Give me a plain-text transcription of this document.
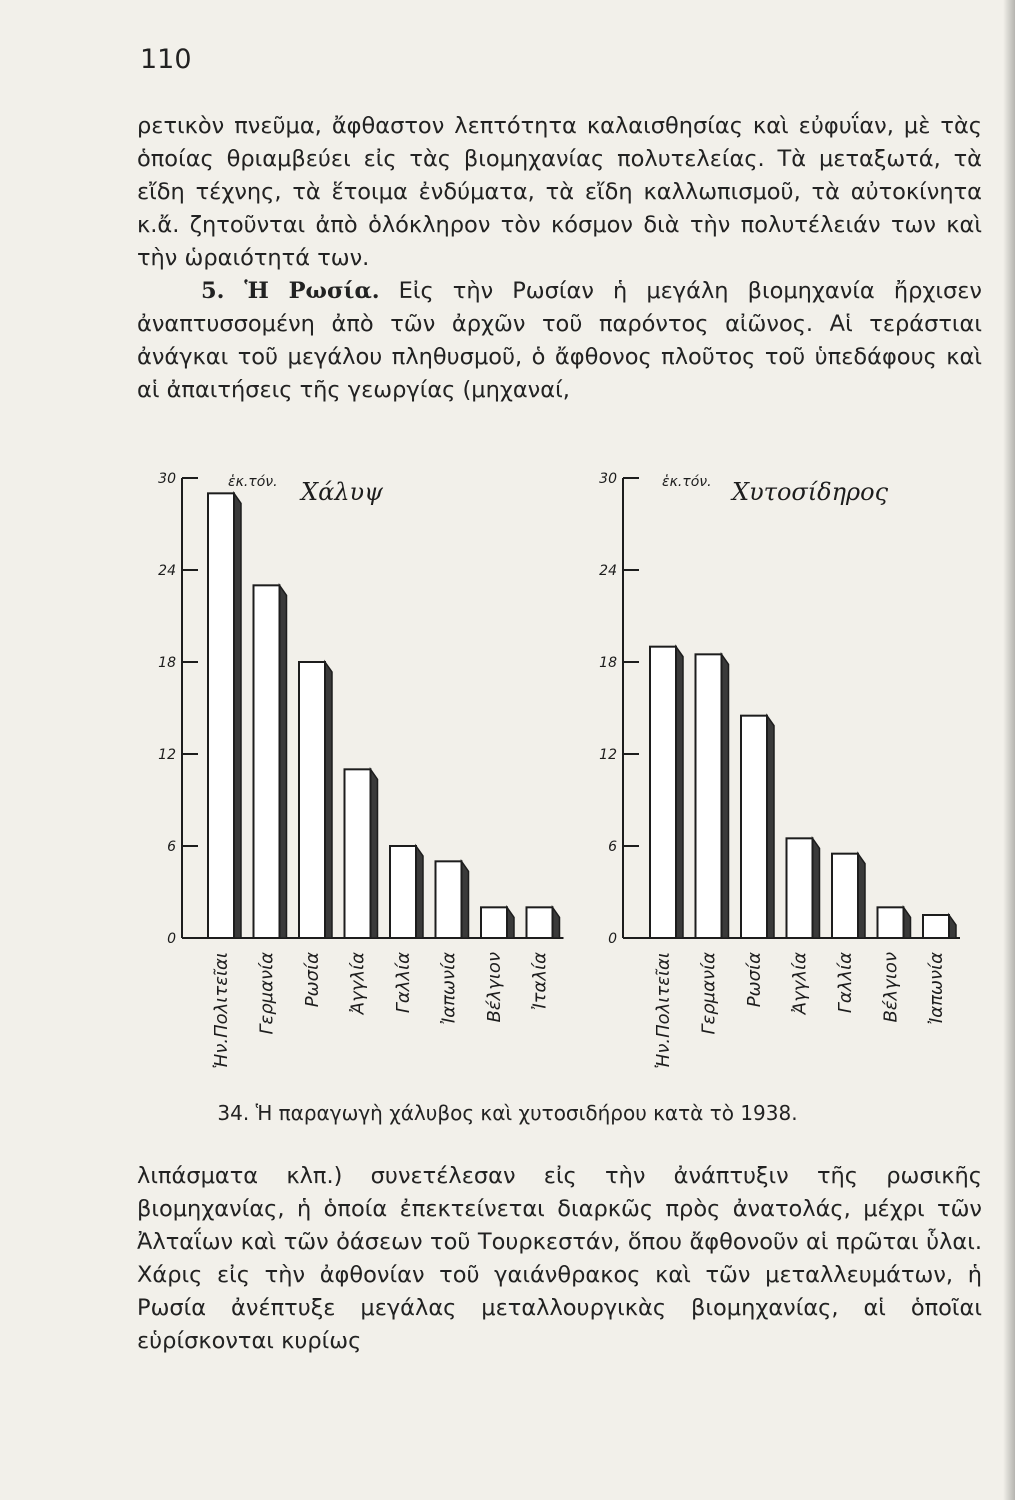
110

ρετικὸν πνεῦμα, ἄφθαστον λεπτότητα καλαισθησίας καὶ εὐφυΐαν, μὲ τὰς ὁποίας θριαμβεύει εἰς τὰς βιομηχανίας πολυτελείας. Τὰ μεταξωτά, τὰ εἴδη τέχνης, τὰ ἕτοιμα ἐνδύματα, τὰ εἴδη καλλωπισμοῦ, τὰ αὐτοκίνητα κ.ἄ. ζητοῦνται ἀπὸ ὁλόκληρον τὸν κόσμον διὰ τὴν πολυτέλειάν των καὶ τὴν ὡραιότητά των.

5. Ἡ Ρωσία. Εἰς τὴν Ρωσίαν ἡ μεγάλη βιομηχανία ἤρχισεν ἀναπτυσσομένη ἀπὸ τῶν ἀρχῶν τοῦ παρόντος αἰῶνος. Αἱ τεράστιαι ἀνάγκαι τοῦ μεγάλου πληθυσμοῦ, ὁ ἄφθονος πλοῦτος τοῦ ὑπεδάφους καὶ αἱ ἀπαιτήσεις τῆς γεωργίας (μηχαναί,

0
6
12
18
24
30	ἑκ.τόν. Χάλυψ
Ἡν.Πολιτεῖαι Γερμανία Ρωσία Ἀγγλία Γαλλία Ἰαπωνία Βέλγιον Ἰταλία
0
6
12
18
24
30	ἑκ.τόν. Χυτοσίδηρος
Ἡν.Πολιτεῖαι Γερμανία Ρωσία Ἀγγλία Γαλλία Βέλγιον Ἰαπωνία
34. Ἡ παραγωγὴ χάλυβος καὶ χυτοσιδήρου κατὰ τὸ 1938.

λιπάσματα κλπ.) συνετέλεσαν εἰς τὴν ἀνάπτυξιν τῆς ρωσικῆς βιομηχανίας, ἡ ὁποία ἐπεκτείνεται διαρκῶς πρὸς ἀνατολάς, μέχρι τῶν Ἀλταΐων καὶ τῶν ὀάσεων τοῦ Τουρκεστάν, ὅπου ἄφθονοῦν αἱ πρῶται ὗλαι. Χάρις εἰς τὴν ἀφθονίαν τοῦ γαιάνθρακος καὶ τῶν μεταλλευμάτων, ἡ Ρωσία ἀνέπτυξε μεγάλας μεταλλουργικὰς βιομηχανίας, αἱ ὁποῖαι εὑρίσκονται κυρίως
